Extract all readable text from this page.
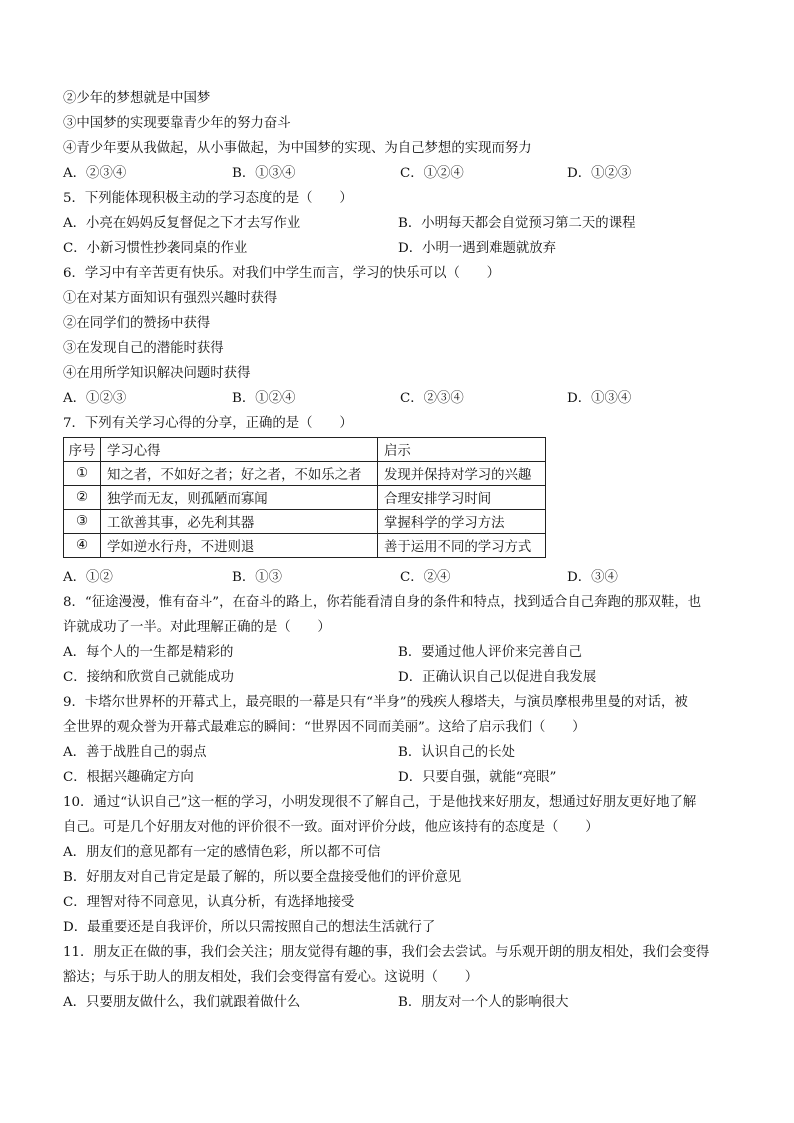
②少年的梦想就是中国梦
③中国梦的实现要靠青少年的努力奋斗
④青少年要从我做起，从小事做起，为中国梦的实现、为自己梦想的实现而努力
A．②③④	B．①③④	C．①②④	D．①②③
5．下列能体现积极主动的学习态度的是（　　）
A．小亮在妈妈反复督促之下才去写作业	B．小明每天都会自觉预习第二天的课程
C．小新习惯性抄袭同桌的作业	D．小明一遇到难题就放弃
6．学习中有辛苦更有快乐。对我们中学生而言，学习的快乐可以（　　）
①在对某方面知识有强烈兴趣时获得
②在同学们的赞扬中获得
③在发现自己的潜能时获得
④在用所学知识解决问题时获得
A．①②③	B．①②④	C．②③④	D．①③④
7．下列有关学习心得的分享，正确的是（　　）
序号	学习心得	启示
①	知之者，不如好之者；好之者，不如乐之者	发现并保持对学习的兴趣
②	独学而无友，则孤陋而寡闻	合理安排学习时间
③	工欲善其事，必先利其器	掌握科学的学习方法
④	学如逆水行舟，不进则退	善于运用不同的学习方式
A．①②	B．①③	C．②④	D．③④
8．“征途漫漫，惟有奋斗”，在奋斗的路上，你若能看清自身的条件和特点，找到适合自己奔跑的那双鞋，也
许就成功了一半。对此理解正确的是（　　）
A．每个人的一生都是精彩的	B．要通过他人评价来完善自己
C．接纳和欣赏自己就能成功	D．正确认识自己以促进自我发展
9．卡塔尔世界杯的开幕式上，最亮眼的一幕是只有“半身”的残疾人穆塔夫，与演员摩根弗里曼的对话，被
全世界的观众誉为开幕式最难忘的瞬间：“世界因不同而美丽”。这给了启示我们（　　）
A．善于战胜自己的弱点	B．认识自己的长处
C．根据兴趣确定方向	D．只要自强，就能“亮眼”
10．通过“认识自己”这一框的学习，小明发现很不了解自己，于是他找来好朋友，想通过好朋友更好地了解
自己。可是几个好朋友对他的评价很不一致。面对评价分歧，他应该持有的态度是（　　）
A．朋友们的意见都有一定的感情色彩，所以都不可信
B．好朋友对自己肯定是最了解的，所以要全盘接受他们的评价意见
C．理智对待不同意见，认真分析，有选择地接受
D．最重要还是自我评价，所以只需按照自己的想法生活就行了
11．朋友正在做的事，我们会关注；朋友觉得有趣的事，我们会去尝试。与乐观开朗的朋友相处，我们会变得
豁达；与乐于助人的朋友相处，我们会变得富有爱心。这说明（　　）
A．只要朋友做什么，我们就跟着做什么	B．朋友对一个人的影响很大
